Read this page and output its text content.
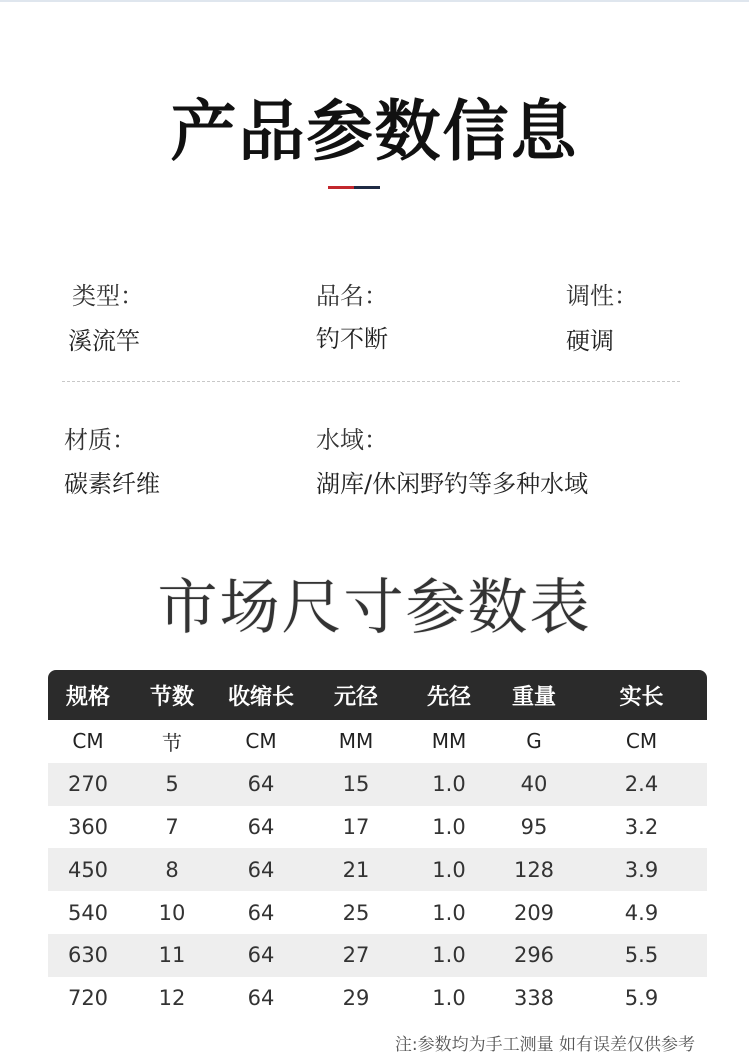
产品参数信息
类型：
溪流竿
品名：
钓不断
调性：
硬调
材质：
碳素纤维
水域：
湖库/休闲野钓等多种水域
市场尺寸参数表
规格	节数	收缩长	元径	先径	重量	实长
CM	节	CM	MM	MM	G	CM
270	5	64	15	1.0	40	2.4
360	7	64	17	1.0	95	3.2
450	8	64	21	1.0	128	3.9
540	10	64	25	1.0	209	4.9
630	11	64	27	1.0	296	5.5
720	12	64	29	1.0	338	5.9
注:参数均为手工测量 如有误差仅供参考
